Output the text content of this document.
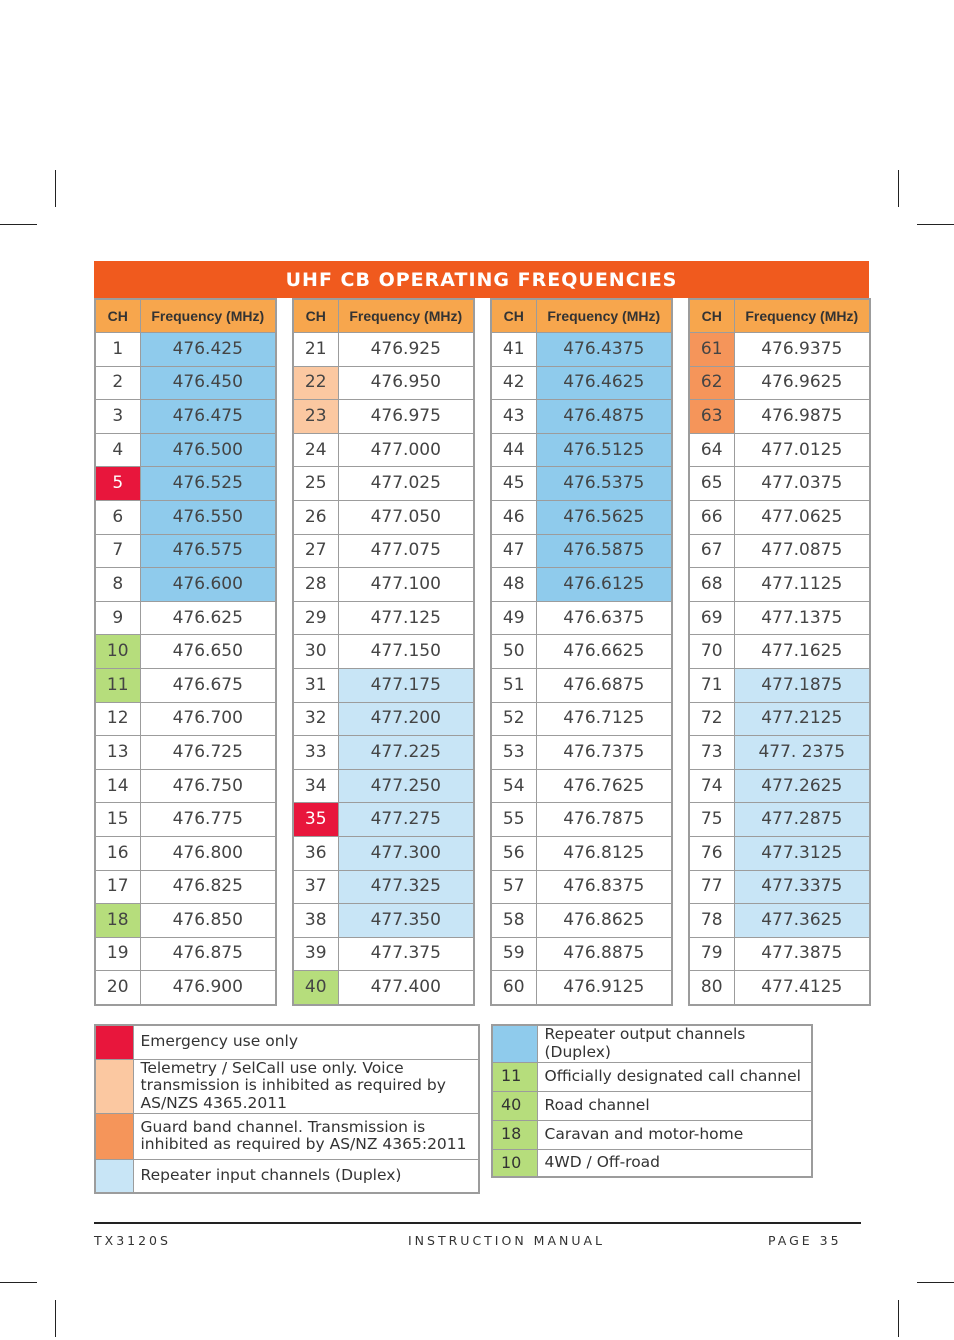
UHF CB OPERATING FREQUENCIES
CH	Frequency (MHz)
1	476.425
2	476.450
3	476.475
4	476.500
5	476.525
6	476.550
7	476.575
8	476.600
9	476.625
10	476.650
11	476.675
12	476.700
13	476.725
14	476.750
15	476.775
16	476.800
17	476.825
18	476.850
19	476.875
20	476.900
CH	Frequency (MHz)
21	476.925
22	476.950
23	476.975
24	477.000
25	477.025
26	477.050
27	477.075
28	477.100
29	477.125
30	477.150
31	477.175
32	477.200
33	477.225
34	477.250
35	477.275
36	477.300
37	477.325
38	477.350
39	477.375
40	477.400
CH	Frequency (MHz)
41	476.4375
42	476.4625
43	476.4875
44	476.5125
45	476.5375
46	476.5625
47	476.5875
48	476.6125
49	476.6375
50	476.6625
51	476.6875
52	476.7125
53	476.7375
54	476.7625
55	476.7875
56	476.8125
57	476.8375
58	476.8625
59	476.8875
60	476.9125
CH	Frequency (MHz)
61	476.9375
62	476.9625
63	476.9875
64	477.0125
65	477.0375
66	477.0625
67	477.0875
68	477.1125
69	477.1375
70	477.1625
71	477.1875
72	477.2125
73	477. 2375
74	477.2625
75	477.2875
76	477.3125
77	477.3375
78	477.3625
79	477.3875
80	477.4125
	Emergency use only
	Telemetry / SelCall use only. Voice transmission is inhibited as required by AS/NZS 4365.2011
	Guard band channel. Transmission is inhibited as required by AS/NZ 4365:2011
	Repeater input channels (Duplex)
	Repeater output channels (Duplex)
11	Officially designated call channel
40	Road channel
18	Caravan and motor-home
10	4WD / Off-road
TX3120S	INSTRUCTION MANUAL	PAGE 35
